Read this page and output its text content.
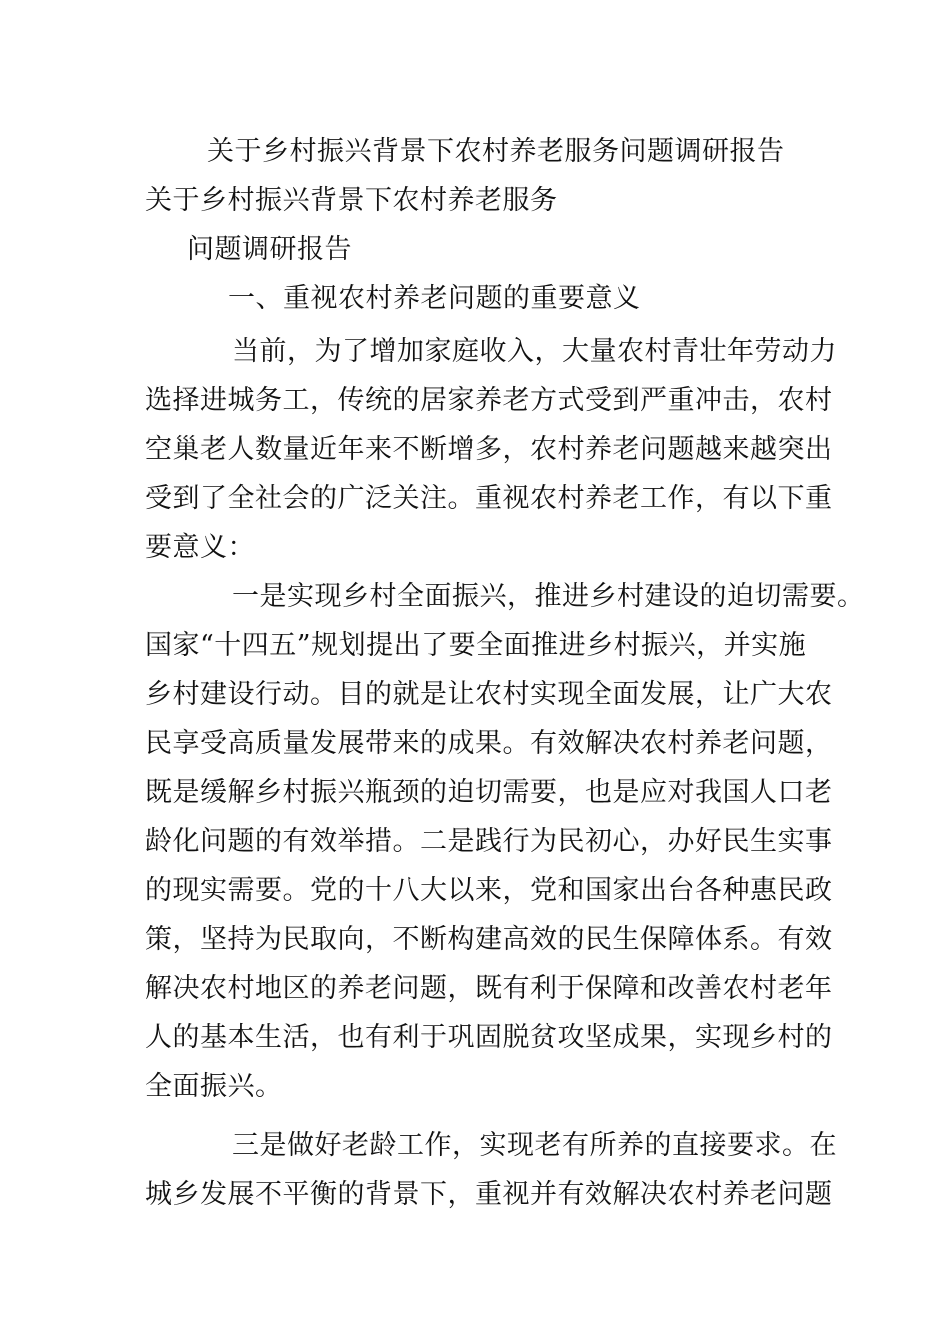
关于乡村振兴背景下农村养老服务问题调研报告
关于乡村振兴背景下农村养老服务
问题调研报告
一、重视农村养老问题的重要意义
当前，为了增加家庭收入，大量农村青壮年劳动力
选择进城务工，传统的居家养老方式受到严重冲击，农村
空巢老人数量近年来不断增多，农村养老问题越来越突出
受到了全社会的广泛关注。重视农村养老工作，有以下重
要意义：
一是实现乡村全面振兴，推进乡村建设的迫切需要。
国家“十四五”规划提出了要全面推进乡村振兴，并实施
乡村建设行动。目的就是让农村实现全面发展，让广大农
民享受高质量发展带来的成果。有效解决农村养老问题，
既是缓解乡村振兴瓶颈的迫切需要，也是应对我国人口老
龄化问题的有效举措。二是践行为民初心，办好民生实事
的现实需要。党的十八大以来，党和国家出台各种惠民政
策，坚持为民取向，不断构建高效的民生保障体系。有效
解决农村地区的养老问题，既有利于保障和改善农村老年
人的基本生活，也有利于巩固脱贫攻坚成果，实现乡村的
全面振兴。
三是做好老龄工作，实现老有所养的直接要求。在
城乡发展不平衡的背景下，重视并有效解决农村养老问题
